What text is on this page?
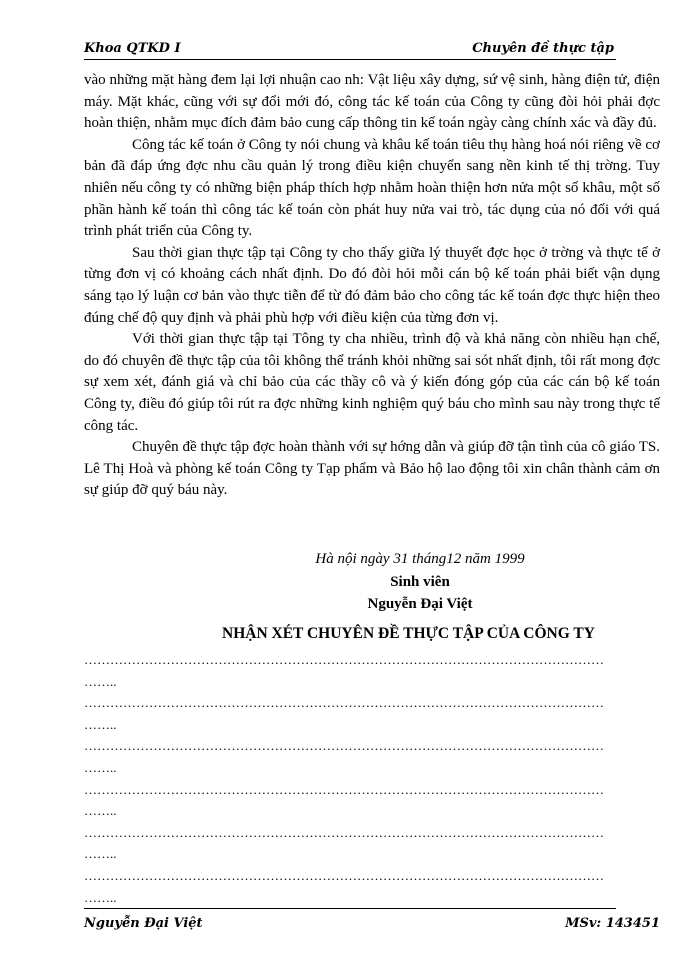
Khoa QTKD I	Chuyên đề thực tập

vào những mặt hàng đem lại lợi nhuận cao nh: Vật liệu xây dựng, sứ vệ sinh, hàng điện tử, điện máy. Mặt khác, cũng với sự đổi mới đó, công tác kế toán của Công ty cũng đòi hỏi phải đợc hoàn thiện, nhằm mục đích đảm bảo cung cấp thông tin kế toán ngày càng chính xác và đầy đủ.

Công tác kế toán ở Công ty nói chung và khâu kế toán tiêu thụ hàng hoá nói riêng về cơ bản đã đáp ứng đợc nhu cầu quản lý trong điều kiện chuyển sang nền kinh tế thị trờng. Tuy nhiên nếu công ty có những biện pháp thích hợp nhằm hoàn thiện hơn nửa một số khâu, một số phần hành kế toán thì công tác kế toán còn phát huy nửa vai trò, tác dụng của nó đối với quá trình phát triển của Công ty.

Sau thời gian thực tập tại Công ty cho thấy giữa lý thuyết đợc học ở trờng và thực tế ở từng đơn vị có khoảng cách nhất định. Do đó đòi hỏi mỗi cán bộ kế toán phải biết vận dụng sáng tạo lý luận cơ bản vào thực tiễn để từ đó đảm bảo cho công tác kế toán đợc thực hiện theo đúng chế độ quy định và phải phù hợp với điều kiện của từng đơn vị.

Với thời gian thực tập tại Tông ty cha nhiều, trình độ và khả năng còn nhiều hạn chế, do đó chuyên đề thực tập của tôi không thể tránh khỏi những sai sót nhất định, tôi rất mong đợc sự xem xét, đánh giá và chỉ bảo của các thầy cô và ý kiến đóng góp của các cán bộ kế toán Công ty, điều đó giúp tôi rút ra đợc những kinh nghiệm quý báu cho mình sau này trong thực tế công tác.

Chuyên đề thực tập đợc hoàn thành với sự hớng dẫn và giúp đỡ tận tình của cô giáo TS. Lê Thị Hoà và phòng kế toán Công ty Tạp phẩm và Bảo hộ lao động tôi xin chân thành cảm ơn sự giúp đỡ quý báu này.

Hà nội ngày 31 tháng12 năm 1999
Sinh viên
Nguyễn Đại Việt
NHẬN XÉT CHUYÊN ĐỀ THỰC TẬP CỦA CÔNG TY
…………………………………………………………………………………………………………
……..
…………………………………………………………………………………………………………
……..
…………………………………………………………………………………………………………
……..
…………………………………………………………………………………………………………
……..
…………………………………………………………………………………………………………
……..
…………………………………………………………………………………………………………
……..
Nguyễn Đại Việt	MSv: 143451
